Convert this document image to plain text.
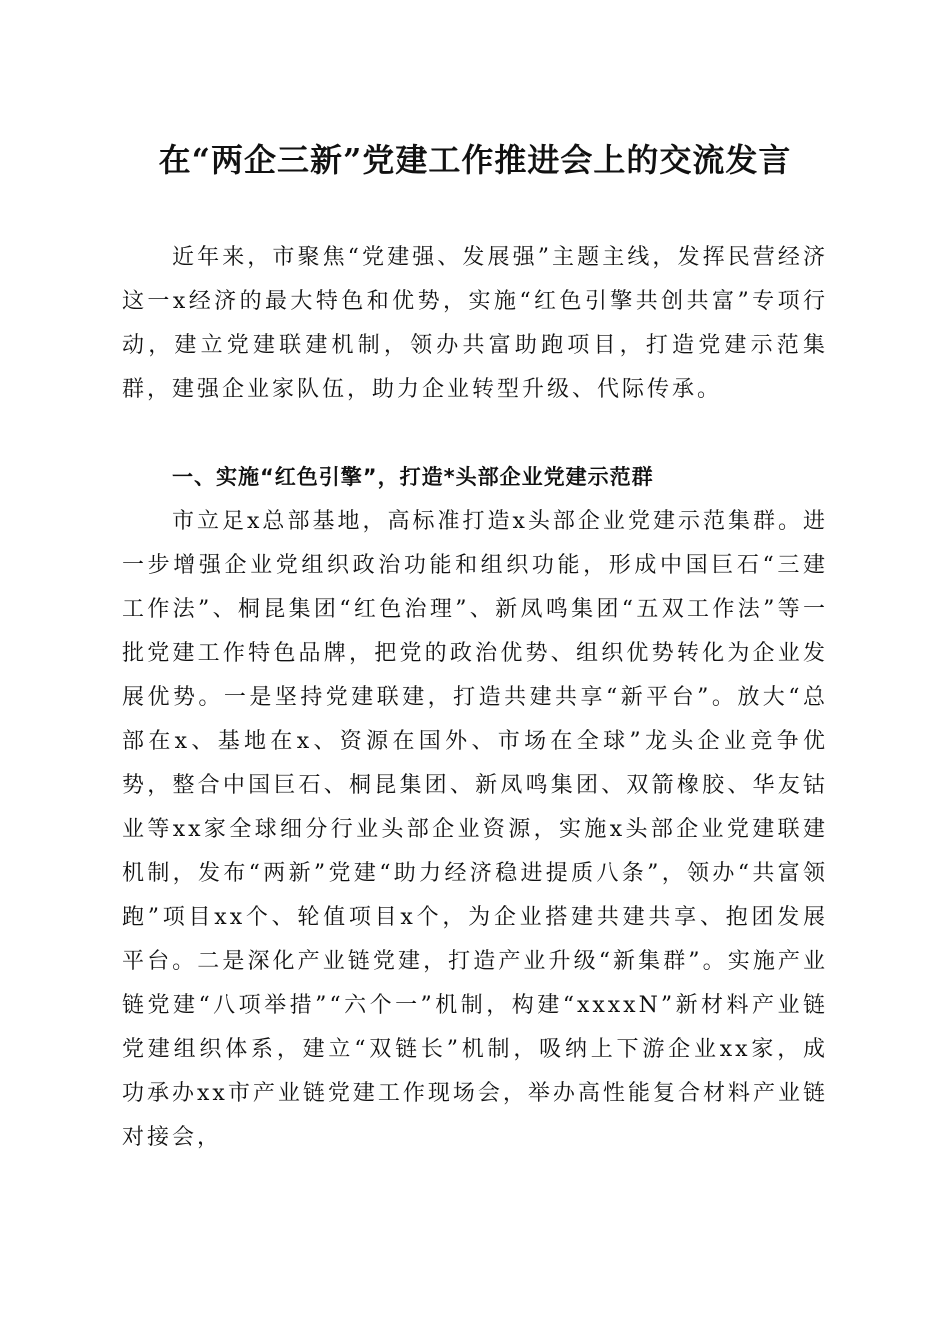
在“两企三新”党建工作推进会上的交流发言

近年来，市聚焦“党建强、发展强”主题主线，发挥民营经济这一x经济的最大特色和优势，实施“红色引擎共创共富”专项行动，建立党建联建机制，领办共富助跑项目，打造党建示范集群，建强企业家队伍，助力企业转型升级、代际传承。

一、实施“红色引擎”，打造*头部企业党建示范群

市立足x总部基地，高标准打造x头部企业党建示范集群。进一步增强企业党组织政治功能和组织功能，形成中国巨石“三建工作法”、桐昆集团“红色治理”、新凤鸣集团“五双工作法”等一批党建工作特色品牌，把党的政治优势、组织优势转化为企业发展优势。一是坚持党建联建，打造共建共享“新平台”。放大“总部在x、基地在x、资源在国外、市场在全球”龙头企业竞争优势，整合中国巨石、桐昆集团、新凤鸣集团、双箭橡胶、华友钴业等xx家全球细分行业头部企业资源，实施x头部企业党建联建机制，发布“两新”党建“助力经济稳进提质八条”，领办“共富领跑”项目xx个、轮值项目x个，为企业搭建共建共享、抱团发展平台。二是深化产业链党建，打造产业升级“新集群”。实施产业链党建“八项举措”“六个一”机制，构建“xxxxN”新材料产业链党建组织体系，建立“双链长”机制，吸纳上下游企业xx家，成功承办xx市产业链党建工作现场会，举办高性能复合材料产业链对接会，
